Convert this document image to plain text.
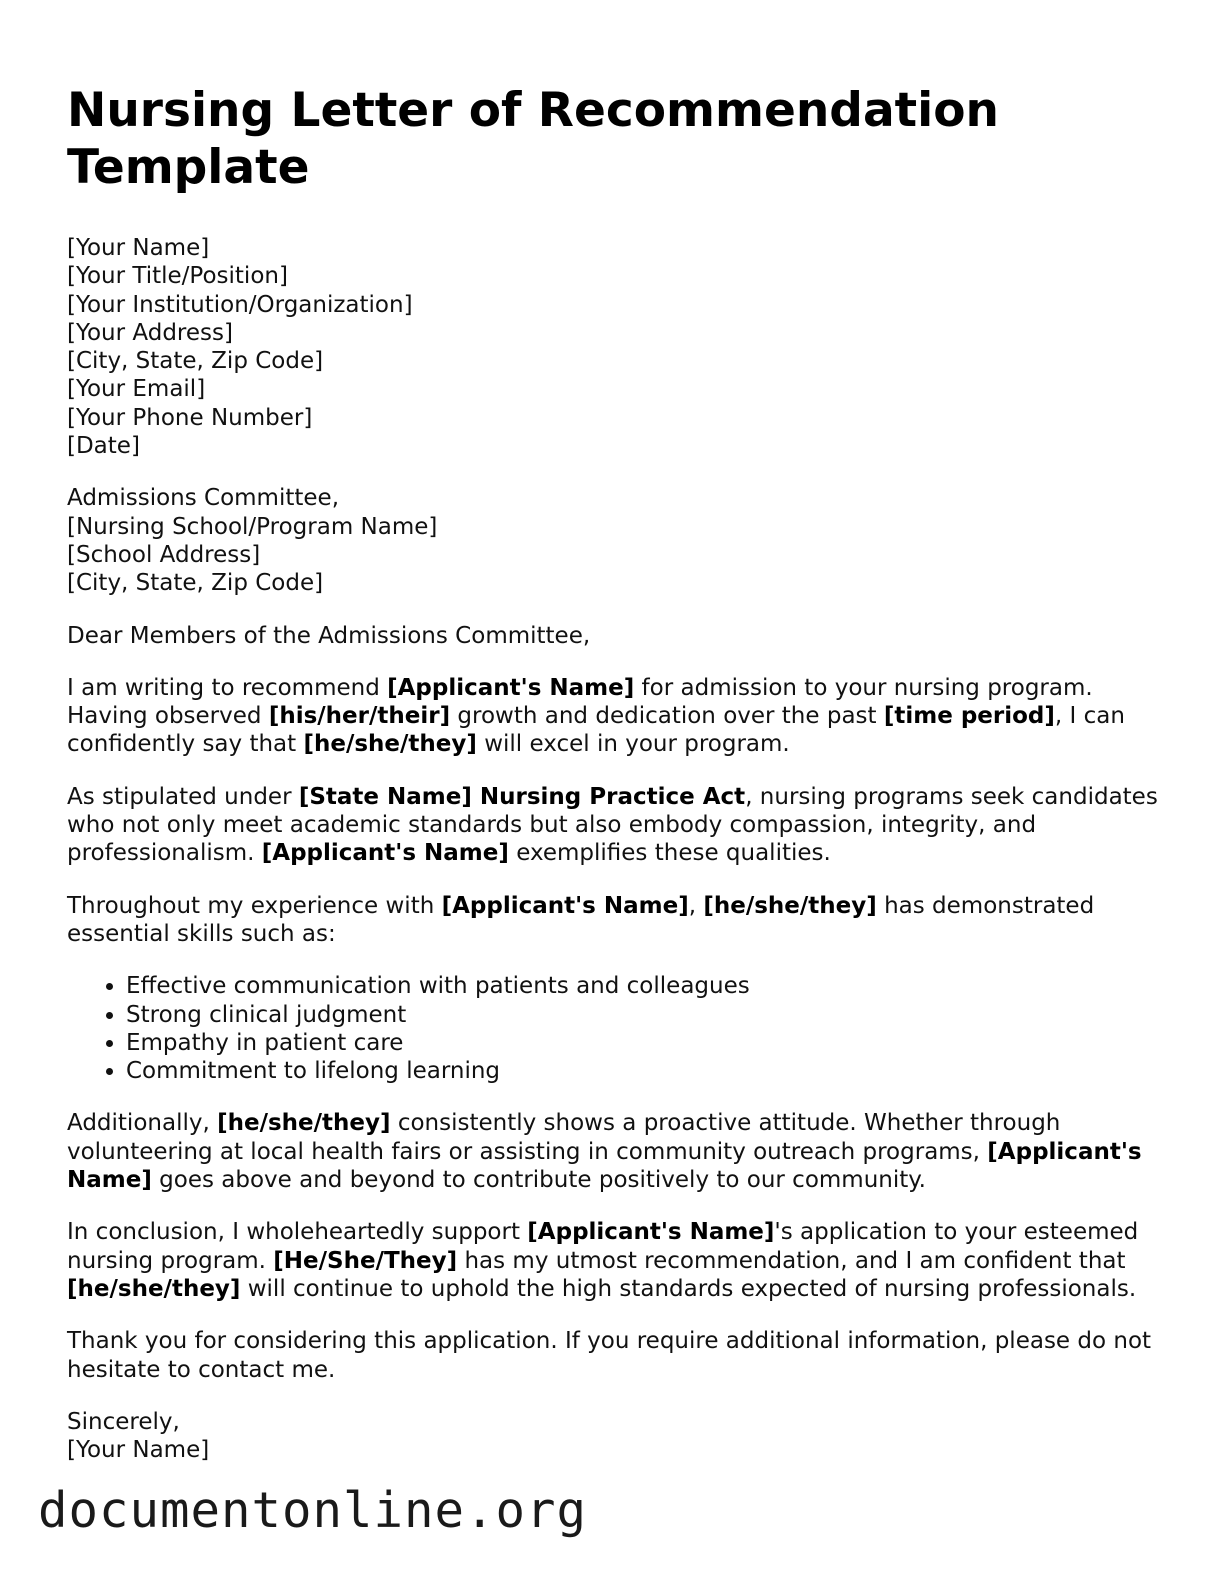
Nursing Letter of Recommendation Template
[Your Name]
[Your Title/Position]
[Your Institution/Organization]
[Your Address]
[City, State, Zip Code]
[Your Email]
[Your Phone Number]
[Date]
Admissions Committee,
[Nursing School/Program Name]
[School Address]
[City, State, Zip Code]

Dear Members of the Admissions Committee,

I am writing to recommend [Applicant's Name] for admission to your nursing program. Having observed [his/her/their] growth and dedication over the past [time period], I can confidently say that [he/she/they] will excel in your program.

As stipulated under [State Name] Nursing Practice Act, nursing programs seek candidates who not only meet academic standards but also embody compassion, integrity, and professionalism. [Applicant's Name] exemplifies these qualities.

Throughout my experience with [Applicant's Name], [he/she/they] has demonstrated essential skills such as:

• Effective communication with patients and colleagues
• Strong clinical judgment
• Empathy in patient care
• Commitment to lifelong learning

Additionally, [he/she/they] consistently shows a proactive attitude. Whether through volunteering at local health fairs or assisting in community outreach programs, [Applicant's Name] goes above and beyond to contribute positively to our community.

In conclusion, I wholeheartedly support [Applicant's Name]'s application to your esteemed nursing program. [He/She/They] has my utmost recommendation, and I am confident that [he/she/they] will continue to uphold the high standards expected of nursing professionals.

Thank you for considering this application. If you require additional information, please do not hesitate to contact me.

Sincerely,
[Your Name]
documentonline.org
